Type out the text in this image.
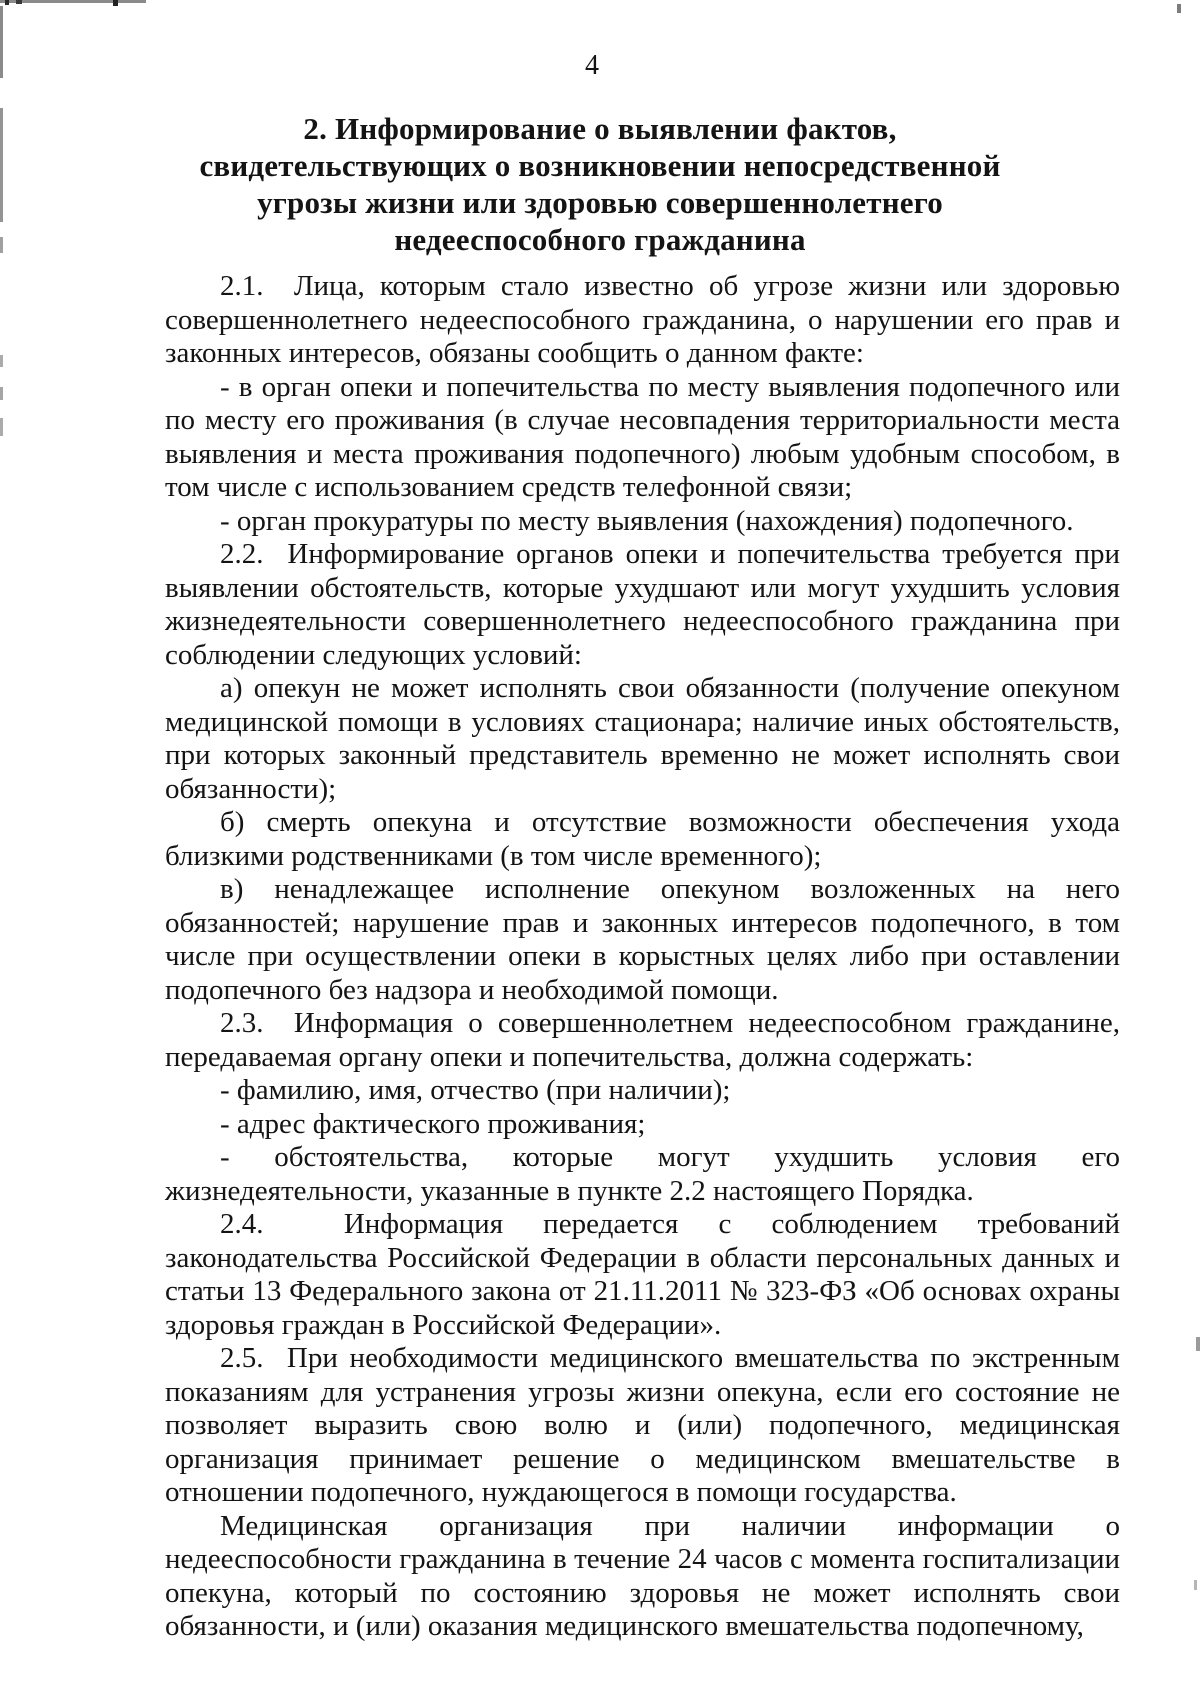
4
2. Информирование о выявлении фактов, свидетельствующих о возникновении непосредственной угрозы жизни или здоровью совершеннолетнего недееспособного гражданина

2.1.  Лица, которым стало известно об угрозе жизни или здоровью совершеннолетнего недееспособного гражданина, о нарушении его прав и законных интересов, обязаны сообщить о данном факте:

- в орган опеки и попечительства по месту выявления подопечного или по месту его проживания (в случае несовпадения территориальности места выявления и места проживания подопечного) любым удобным способом, в том числе с использованием средств телефонной связи;

- орган прокуратуры по месту выявления (нахождения) подопечного.

2.2.  Информирование органов опеки и попечительства требуется при выявлении обстоятельств, которые ухудшают или могут ухудшить условия жизнедеятельности совершеннолетнего недееспособного гражданина при соблюдении следующих условий:

а) опекун не может исполнять свои обязанности (получение опекуном медицинской помощи в условиях стационара; наличие иных обстоятельств, при которых законный представитель временно не может исполнять свои обязанности);

б) смерть опекуна и отсутствие возможности обеспечения ухода близкими родственниками (в том числе временного);

в) ненадлежащее исполнение опекуном возложенных на него обязанностей; нарушение прав и законных интересов подопечного, в том числе при осуществлении опеки в корыстных целях либо при оставлении подопечного без надзора и необходимой помощи.

2.3.  Информация о совершеннолетнем недееспособном гражданине, передаваемая органу опеки и попечительства, должна содержать:

- фамилию, имя, отчество (при наличии);

- адрес фактического проживания;

- обстоятельства, которые могут ухудшить условия его жизнедеятельности, указанные в пункте 2.2 настоящего Порядка.

2.4.  Информация передается с соблюдением требований законодательства Российской Федерации в области персональных данных и статьи 13 Федерального закона от 21.11.2011 № 323-ФЗ «Об основах охраны здоровья граждан в Российской Федерации».

2.5.  При необходимости медицинского вмешательства по экстренным показаниям для устранения угрозы жизни опекуна, если его состояние не позволяет выразить свою волю и (или) подопечного, медицинская организация принимает решение о медицинском вмешательстве в отношении подопечного, нуждающегося в помощи государства.

Медицинская организация при наличии информации о недееспособности гражданина в течение 24 часов с момента госпитализации опекуна, который по состоянию здоровья не может исполнять свои обязанности, и (или) оказания медицинского вмешательства подопечному,
